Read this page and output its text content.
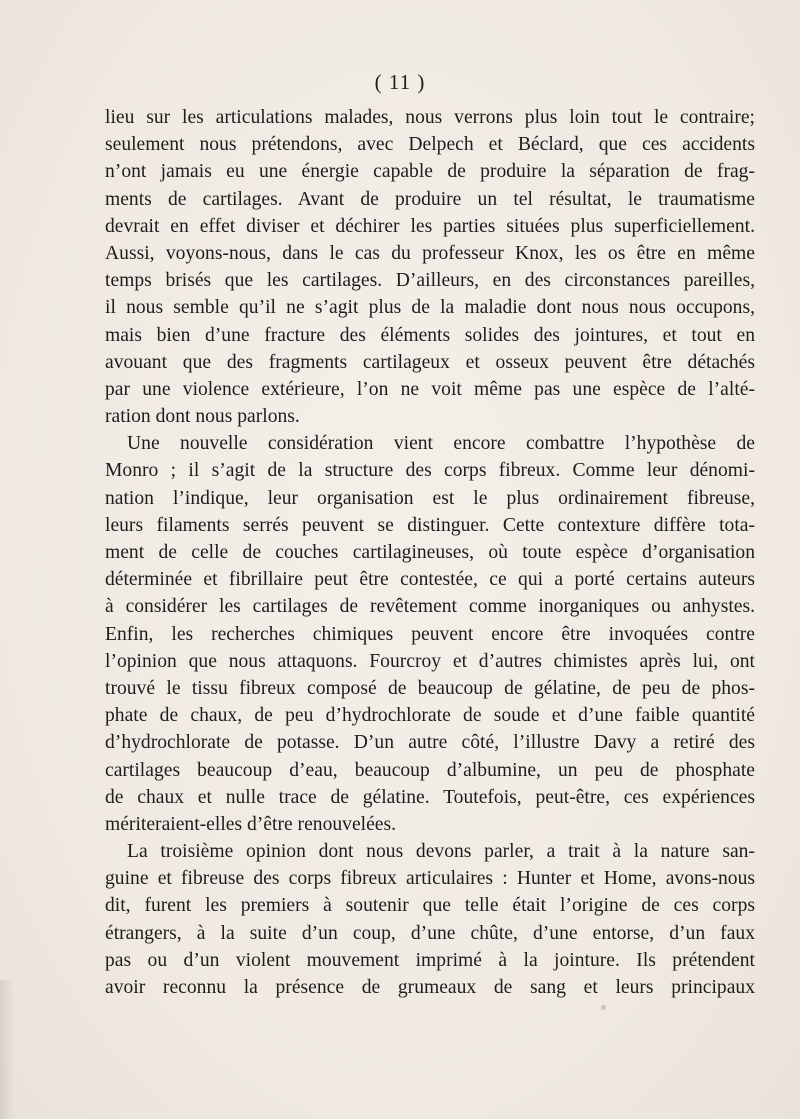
( 11 )
lieu sur les articulations malades, nous verrons plus loin tout le contraire;
seulement nous prétendons, avec Delpech et Béclard, que ces accidents
n’ont jamais eu une énergie capable de produire la séparation de frag-
ments de cartilages. Avant de produire un tel résultat, le traumatisme
devrait en effet diviser et déchirer les parties situées plus superficiellement.
Aussi, voyons-nous, dans le cas du professeur Knox, les os être en même
temps brisés que les cartilages. D’ailleurs, en des circonstances pareilles,
il nous semble qu’il ne s’agit plus de la maladie dont nous nous occupons,
mais bien d’une fracture des éléments solides des jointures, et tout en
avouant que des fragments cartilageux et osseux peuvent être détachés
par une violence extérieure, l’on ne voit même pas une espèce de l’alté-
ration dont nous parlons.
Une nouvelle considération vient encore combattre l’hypothèse de
Monro ; il s’agit de la structure des corps fibreux. Comme leur dénomi-
nation l’indique, leur organisation est le plus ordinairement fibreuse,
leurs filaments serrés peuvent se distinguer. Cette contexture diffère tota-
ment de celle de couches cartilagineuses, où toute espèce d’organisation
déterminée et fibrillaire peut être contestée, ce qui a porté certains auteurs
à considérer les cartilages de revêtement comme inorganiques ou anhystes.
Enfin, les recherches chimiques peuvent encore être invoquées contre
l’opinion que nous attaquons. Fourcroy et d’autres chimistes après lui, ont
trouvé le tissu fibreux composé de beaucoup de gélatine, de peu de phos-
phate de chaux, de peu d’hydrochlorate de soude et d’une faible quantité
d’hydrochlorate de potasse. D’un autre côté, l’illustre Davy a retiré des
cartilages beaucoup d’eau, beaucoup d’albumine, un peu de phosphate
de chaux et nulle trace de gélatine. Toutefois, peut-être, ces expériences
mériteraient-elles d’être renouvelées.
La troisième opinion dont nous devons parler, a trait à la nature san-
guine et fibreuse des corps fibreux articulaires : Hunter et Home, avons-nous
dit, furent les premiers à soutenir que telle était l’origine de ces corps
étrangers, à la suite d’un coup, d’une chûte, d’une entorse, d’un faux
pas ou d’un violent mouvement imprimé à la jointure. Ils prétendent
avoir reconnu la présence de grumeaux de sang et leurs principaux
